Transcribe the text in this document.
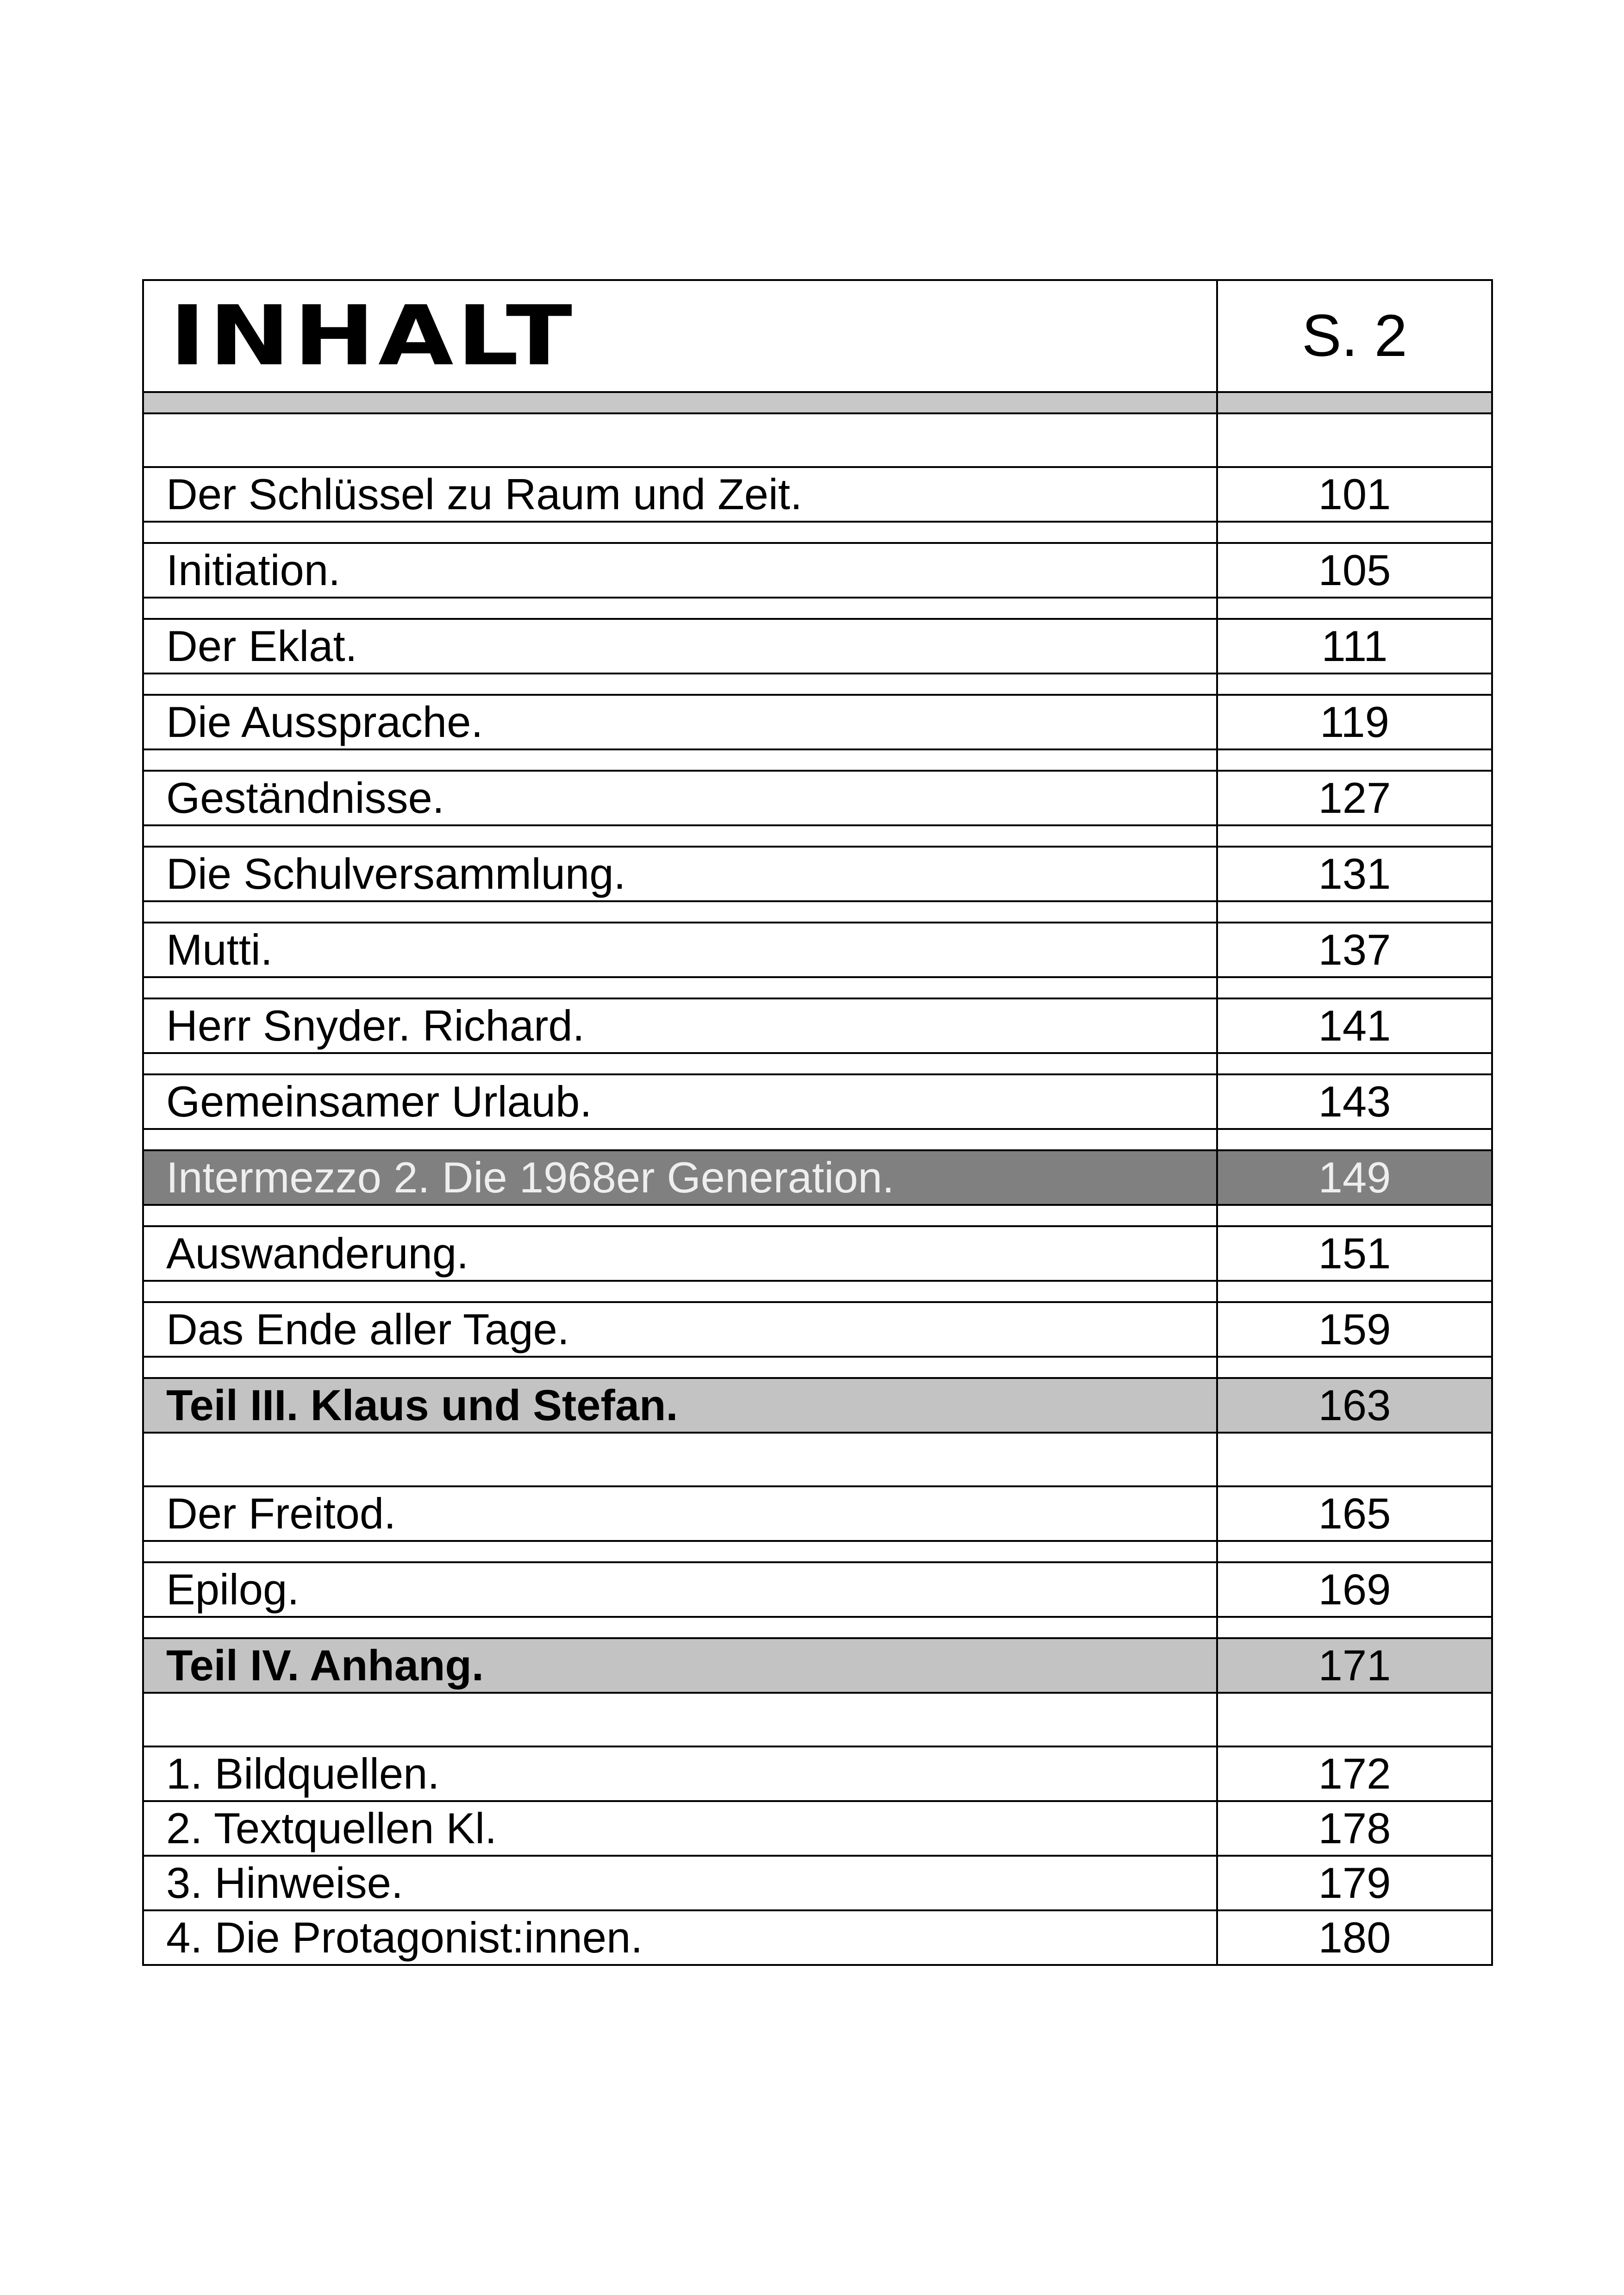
INHALT	S. 2
Der Schlüssel zu Raum und Zeit.	101
Initiation.	105
Der Eklat.	111
Die Aussprache.	119
Geständnisse.	127
Die Schulversammlung.	131
Mutti.	137
Herr Snyder. Richard.	141
Gemeinsamer Urlaub.	143
Intermezzo 2. Die 1968er Generation.	149
Auswanderung.	151
Das Ende aller Tage.	159
Teil III. Klaus und Stefan.	163
Der Freitod.	165
Epilog.	169
Teil IV. Anhang.	171
1. Bildquellen.	172
2. Textquellen Kl.	178
3. Hinweise.	179
4. Die Protagonist:innen.	180
